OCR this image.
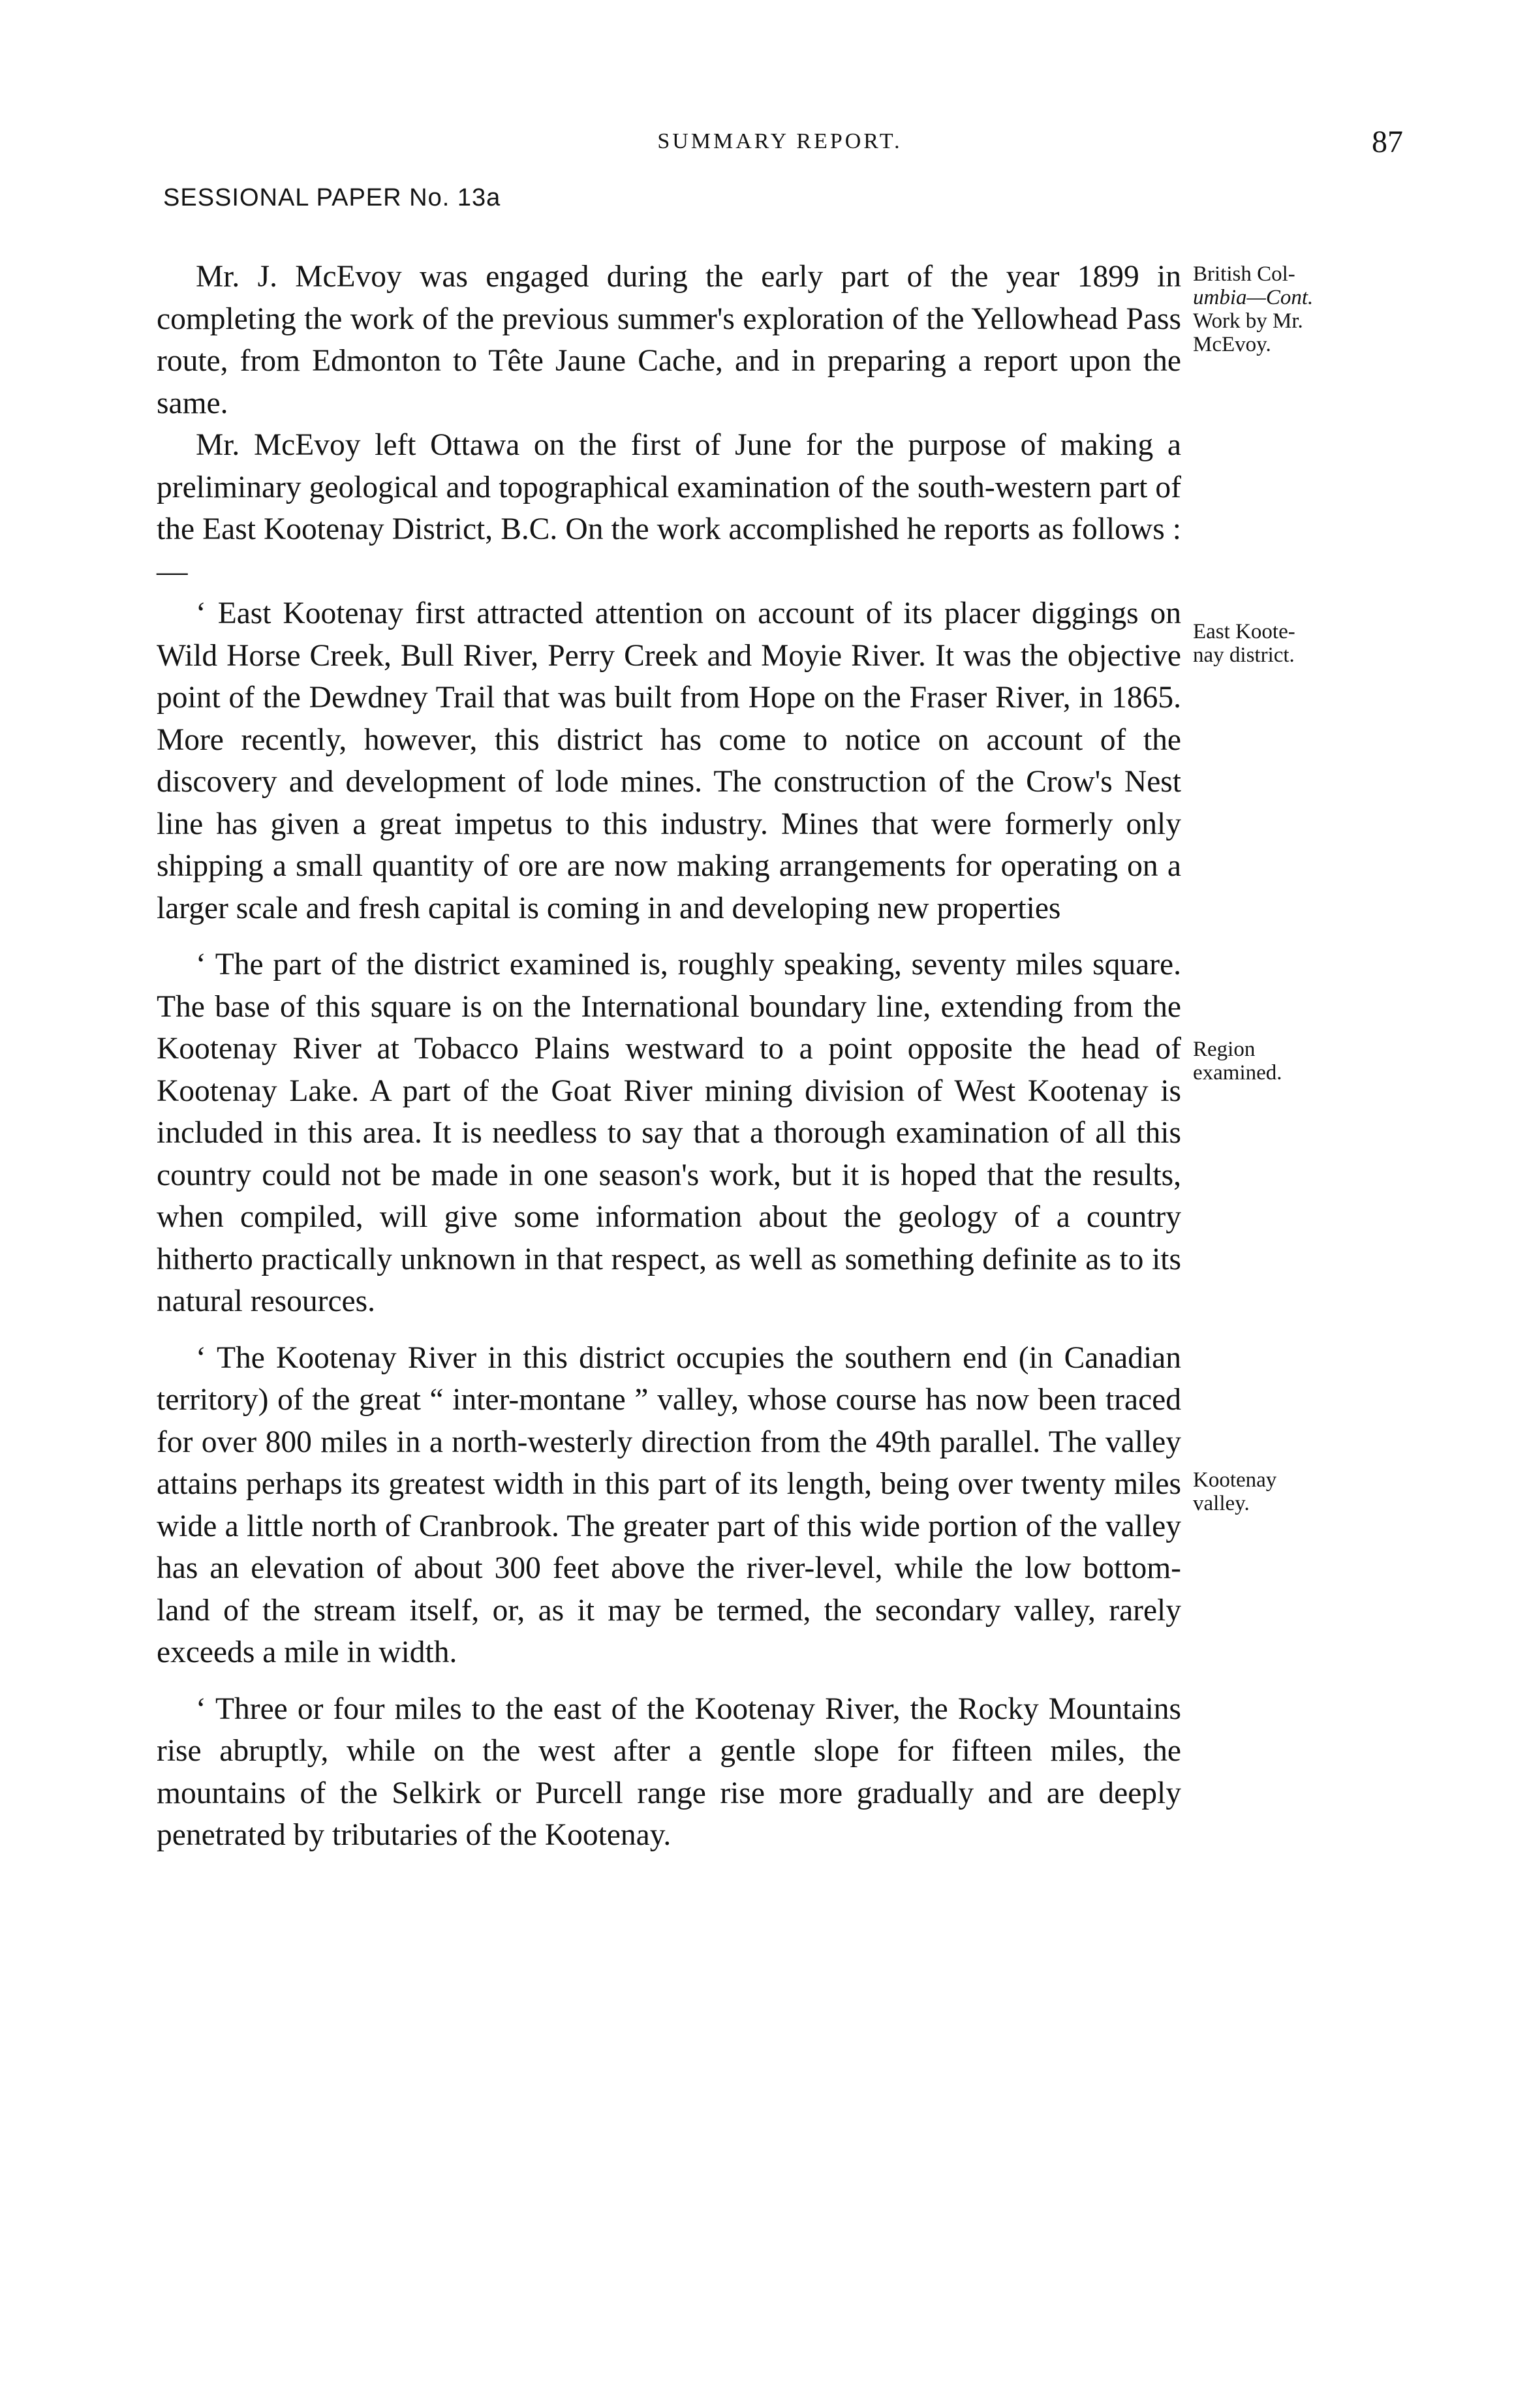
SUMMARY REPORT.	87
SESSIONAL PAPER No. 13a

Mr. J. McEvoy was engaged during the early part of the year 1899 in completing the work of the previous summer's exploration of the Yellowhead Pass route, from Edmonton to Tête Jaune Cache, and in preparing a report upon the same.

Mr. McEvoy left Ottawa on the first of June for the purpose of making a preliminary geological and topographical examination of the south-western part of the East Kootenay District, B.C. On the work accomplished he reports as follows :—

‘ East Kootenay first attracted attention on account of its placer diggings on Wild Horse Creek, Bull River, Perry Creek and Moyie River. It was the objective point of the Dewdney Trail that was built from Hope on the Fraser River, in 1865. More recently, however, this district has come to notice on account of the discovery and development of lode mines. The construction of the Crow's Nest line has given a great impetus to this industry. Mines that were formerly only shipping a small quantity of ore are now making arrangements for operating on a larger scale and fresh capital is coming in and developing new properties

‘ The part of the district examined is, roughly speaking, seventy miles square. The base of this square is on the International boundary line, extending from the Kootenay River at Tobacco Plains westward to a point opposite the head of Kootenay Lake. A part of the Goat River mining division of West Kootenay is included in this area. It is needless to say that a thorough examination of all this country could not be made in one season's work, but it is hoped that the results, when compiled, will give some information about the geology of a country hitherto practically unknown in that respect, as well as something definite as to its natural resources.

‘ The Kootenay River in this district occupies the southern end (in Canadian territory) of the great “ inter-montane ” valley, whose course has now been traced for over 800 miles in a north-westerly direction from the 49th parallel. The valley attains perhaps its greatest width in this part of its length, being over twenty miles wide a little north of Cranbrook. The greater part of this wide portion of the valley has an elevation of about 300 feet above the river-level, while the low bottom-land of the stream itself, or, as it may be termed, the secondary valley, rarely exceeds a mile in width.

‘ Three or four miles to the east of the Kootenay River, the Rocky Mountains rise abruptly, while on the west after a gentle slope for fifteen miles, the mountains of the Selkirk or Purcell range rise more gradually and are deeply penetrated by tributaries of the Kootenay.

British Col-
umbia—Cont.
Work by Mr.
McEvoy.
East Koote-
nay district.
Region
examined.
Kootenay
valley.
